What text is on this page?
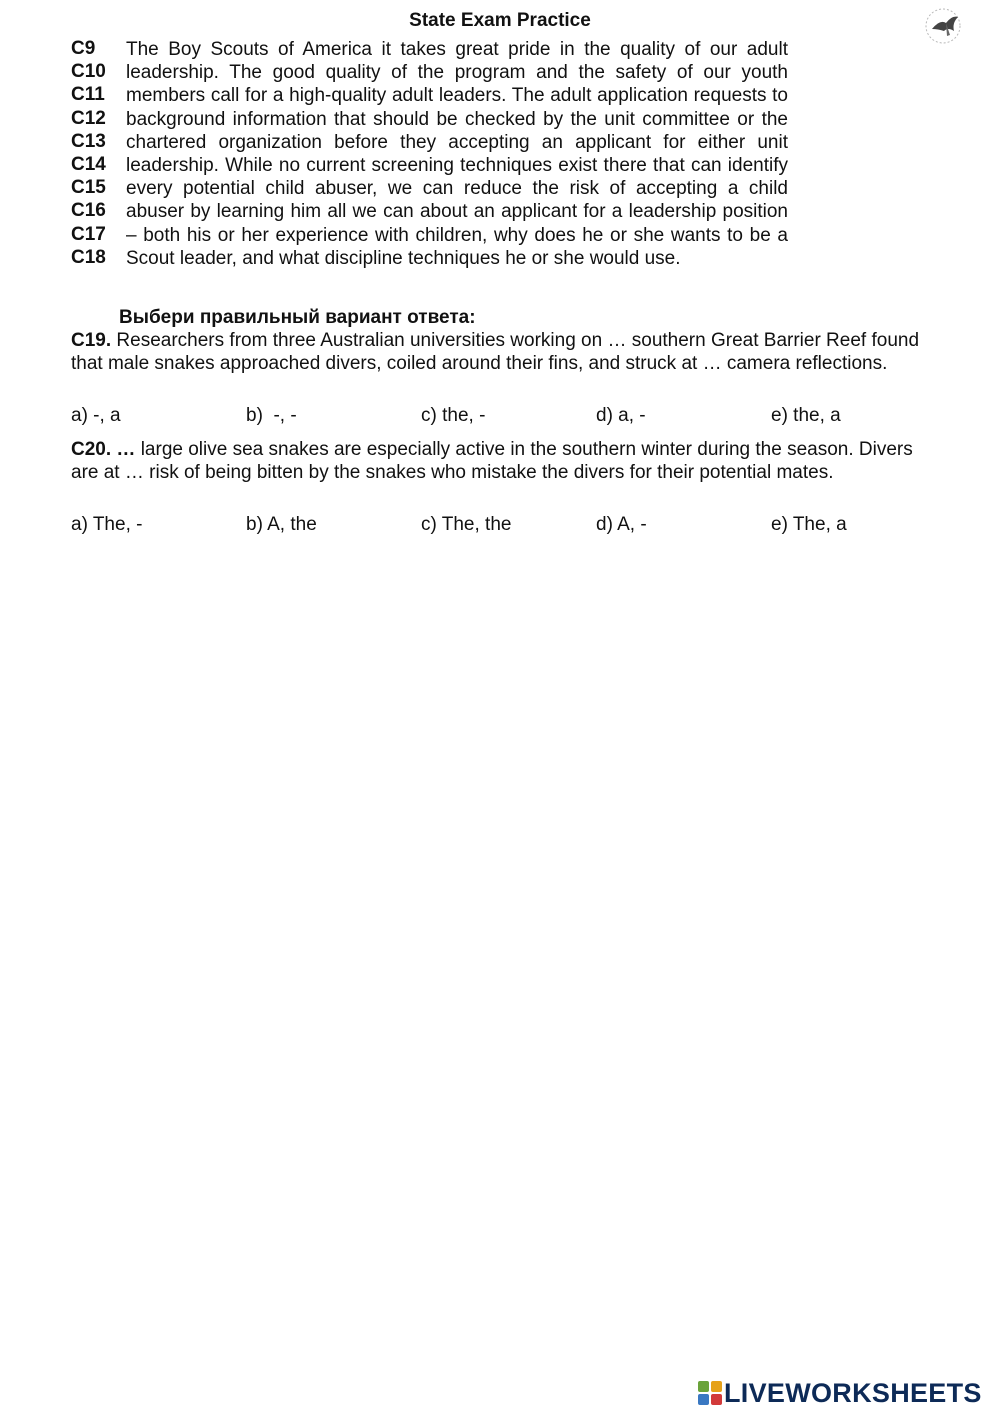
State Exam Practice
C9
C10
C11
C12
C13
C14
C15
C16
C17
C18
The Boy Scouts of America it takes great pride in the quality of our adult leadership. The good quality of the program and the safety of our youth members call for a high-quality adult leaders. The adult application requests to background information that should be checked by the unit committee or the chartered organization before they accepting an applicant for either unit leadership. While no current screening techniques exist there that can identify every potential child abuser, we can reduce the risk of accepting a child abuser by learning him all we can about an applicant for a leadership position – both his or her experience with children, why does he or she wants to be a Scout leader, and what discipline techniques he or she would use.
Выбери правильный вариант ответа:
C19. Researchers from three Australian universities working on … southern Great Barrier Reef found that male snakes approached divers, coiled around their fins, and struck at … camera reflections.
a) -, a	b)  -, -	c) the, -	d) a, -	e) the, a
C20. … large olive sea snakes are especially active in the southern winter during the season. Divers are at … risk of being bitten by the snakes who mistake the divers for their potential mates.
a) The, -	b) A, the	c) The, the	d) A, -	e) The, a
LIVEWORKSHEETS
